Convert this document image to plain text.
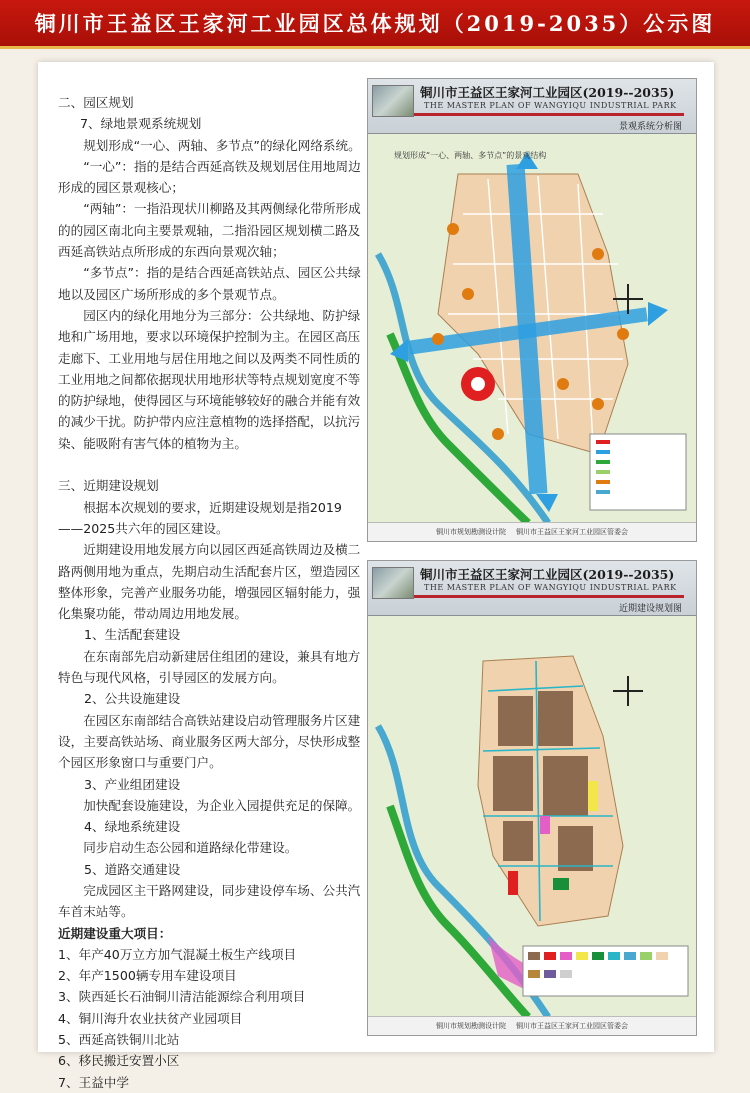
铜川市王益区王家河工业园区总体规划（2019-2035）公示图

二、园区规划

7、绿地景观系统规划

规划形成“一心、两轴、多节点”的绿化网络系统。

“一心”：指的是结合西延高铁及规划居住用地周边形成的园区景观核心；

“两轴”：一指沿现状川柳路及其两侧绿化带所形成的的园区南北向主要景观轴，二指沿园区规划横二路及西延高铁站点所形成的东西向景观次轴；

“多节点”：指的是结合西延高铁站点、园区公共绿地以及园区广场所形成的多个景观节点。

园区内的绿化用地分为三部分：公共绿地、防护绿地和广场用地，要求以环境保护控制为主。在园区高压走廊下、工业用地与居住用地之间以及两类不同性质的工业用地之间都依据现状用地形状等特点规划宽度不等的防护绿地，使得园区与环境能够较好的融合并能有效的减少干扰。防护带内应注意植物的选择搭配，以抗污染、能吸附有害气体的植物为主。

三、近期建设规划

根据本次规划的要求，近期建设规划是指2019——2025共六年的园区建设。

近期建设用地发展方向以园区西延高铁周边及横二路两侧用地为重点，先期启动生活配套片区，塑造园区整体形象，完善产业服务功能，增强园区辐射能力，强化集聚功能，带动周边用地发展。

1、生活配套建设

在东南部先启动新建居住组团的建设，兼具有地方特色与现代风格，引导园区的发展方向。

2、公共设施建设

在园区东南部结合高铁站建设启动管理服务片区建设，主要高铁站场、商业服务区两大部分，尽快形成整个园区形象窗口与重要门户。

3、产业组团建设

加快配套设施建设，为企业入园提供充足的保障。

4、绿地系统建设

同步启动生态公园和道路绿化带建设。

5、道路交通建设

完成园区主干路网建设，同步建设停车场、公共汽车首末站等。

近期建设重大项目：

1、年产40万立方加气混凝土板生产线项目

2、年产1500辆专用车建设项目

3、陕西延长石油铜川清洁能源综合利用项目

4、铜川海升农业扶贫产业园项目

5、西延高铁铜川北站

6、移民搬迁安置小区

7、王益中学

铜川市王益区王家河工业园区(2019--2035)
THE MASTER PLAN OF WANGYIQU INDUSTRIAL PARK
景观系统分析图
规划形成“一心、两轴、多节点”的景观结构
铜川市规划勘测设计院 铜川市王益区王家河工业园区管委会
铜川市王益区王家河工业园区(2019--2035)
THE MASTER PLAN OF WANGYIQU INDUSTRIAL PARK
近期建设规划图
铜川市规划勘测设计院 铜川市王益区王家河工业园区管委会
